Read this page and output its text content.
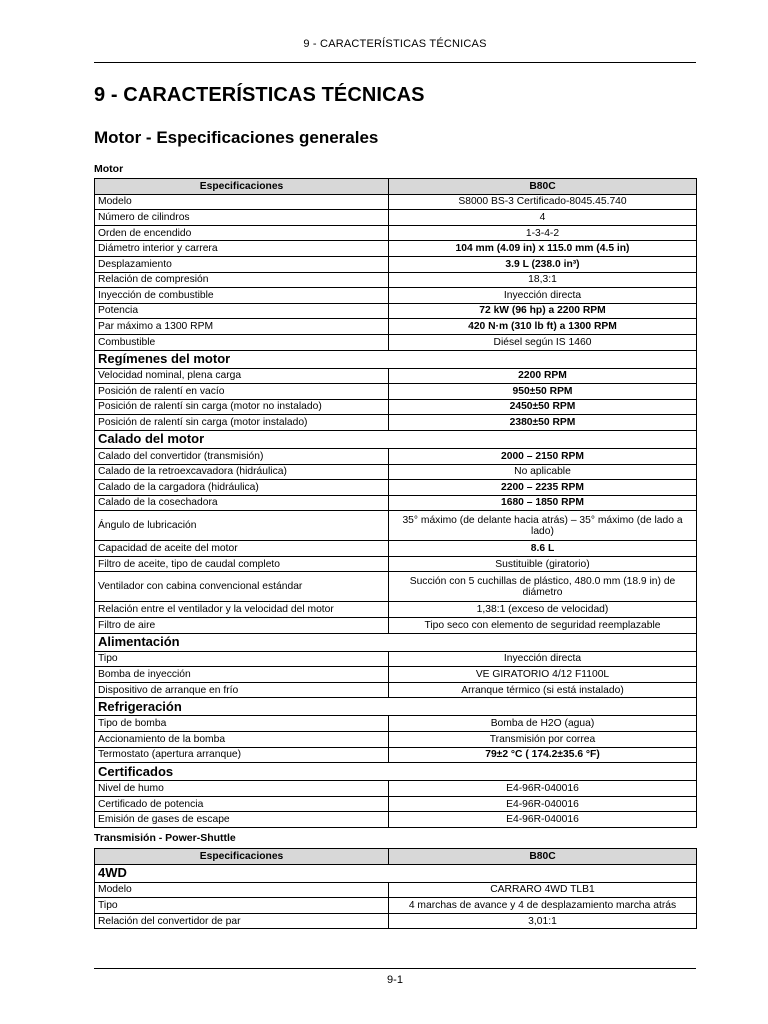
9 - CARACTERÍSTICAS TÉCNICAS
9 - CARACTERÍSTICAS TÉCNICAS
Motor - Especificaciones generales
Motor
Especificaciones	B80C
Modelo	S8000 BS-3 Certificado-8045.45.740
Número de cilindros	4
Orden de encendido	1-3-4-2
Diámetro interior y carrera	104 mm (4.09 in) x 115.0 mm (4.5 in)
Desplazamiento	3.9 L (238.0 in³)
Relación de compresión	18,3:1
Inyección de combustible	Inyección directa
Potencia	72 kW (96 hp) a 2200 RPM
Par máximo a 1300 RPM	420 N·m (310 lb ft) a 1300 RPM
Combustible	Diésel según IS 1460
Regímenes del motor	
Velocidad nominal, plena carga	2200 RPM
Posición de ralentí en vacío	950±50 RPM
Posición de ralentí sin carga (motor no instalado)	2450±50 RPM
Posición de ralentí sin carga (motor instalado)	2380±50 RPM
Calado del motor	
Calado del convertidor (transmisión)	2000 – 2150 RPM
Calado de la retroexcavadora (hidráulica)	No aplicable
Calado de la cargadora (hidráulica)	2200 – 2235 RPM
Calado de la cosechadora	1680 – 1850 RPM
Ángulo de lubricación	35° máximo (de delante hacia atrás) – 35° máximo (de lado a lado)
Capacidad de aceite del motor	8.6 L
Filtro de aceite, tipo de caudal completo	Sustituible (giratorio)
Ventilador con cabina convencional estándar	Succión con 5 cuchillas de plástico, 480.0 mm (18.9 in) de diámetro
Relación entre el ventilador y la velocidad del motor	1,38:1 (exceso de velocidad)
Filtro de aire	Tipo seco con elemento de seguridad reemplazable
Alimentación	
Tipo	Inyección directa
Bomba de inyección	VE GIRATORIO 4/12 F1100L
Dispositivo de arranque en frío	Arranque térmico (si está instalado)
Refrigeración	
Tipo de bomba	Bomba de H2O (agua)
Accionamiento de la bomba	Transmisión por correa
Termostato (apertura arranque)	79±2 °C ( 174.2±35.6 °F)
Certificados	
Nivel de humo	E4-96R-040016
Certificado de potencia	E4-96R-040016
Emisión de gases de escape	E4-96R-040016
Transmisión - Power-Shuttle
Especificaciones	B80C
4WD	
Modelo	CARRARO 4WD TLB1
Tipo	4 marchas de avance y 4 de desplazamiento marcha atrás
Relación del convertidor de par	3,01:1
9-1
